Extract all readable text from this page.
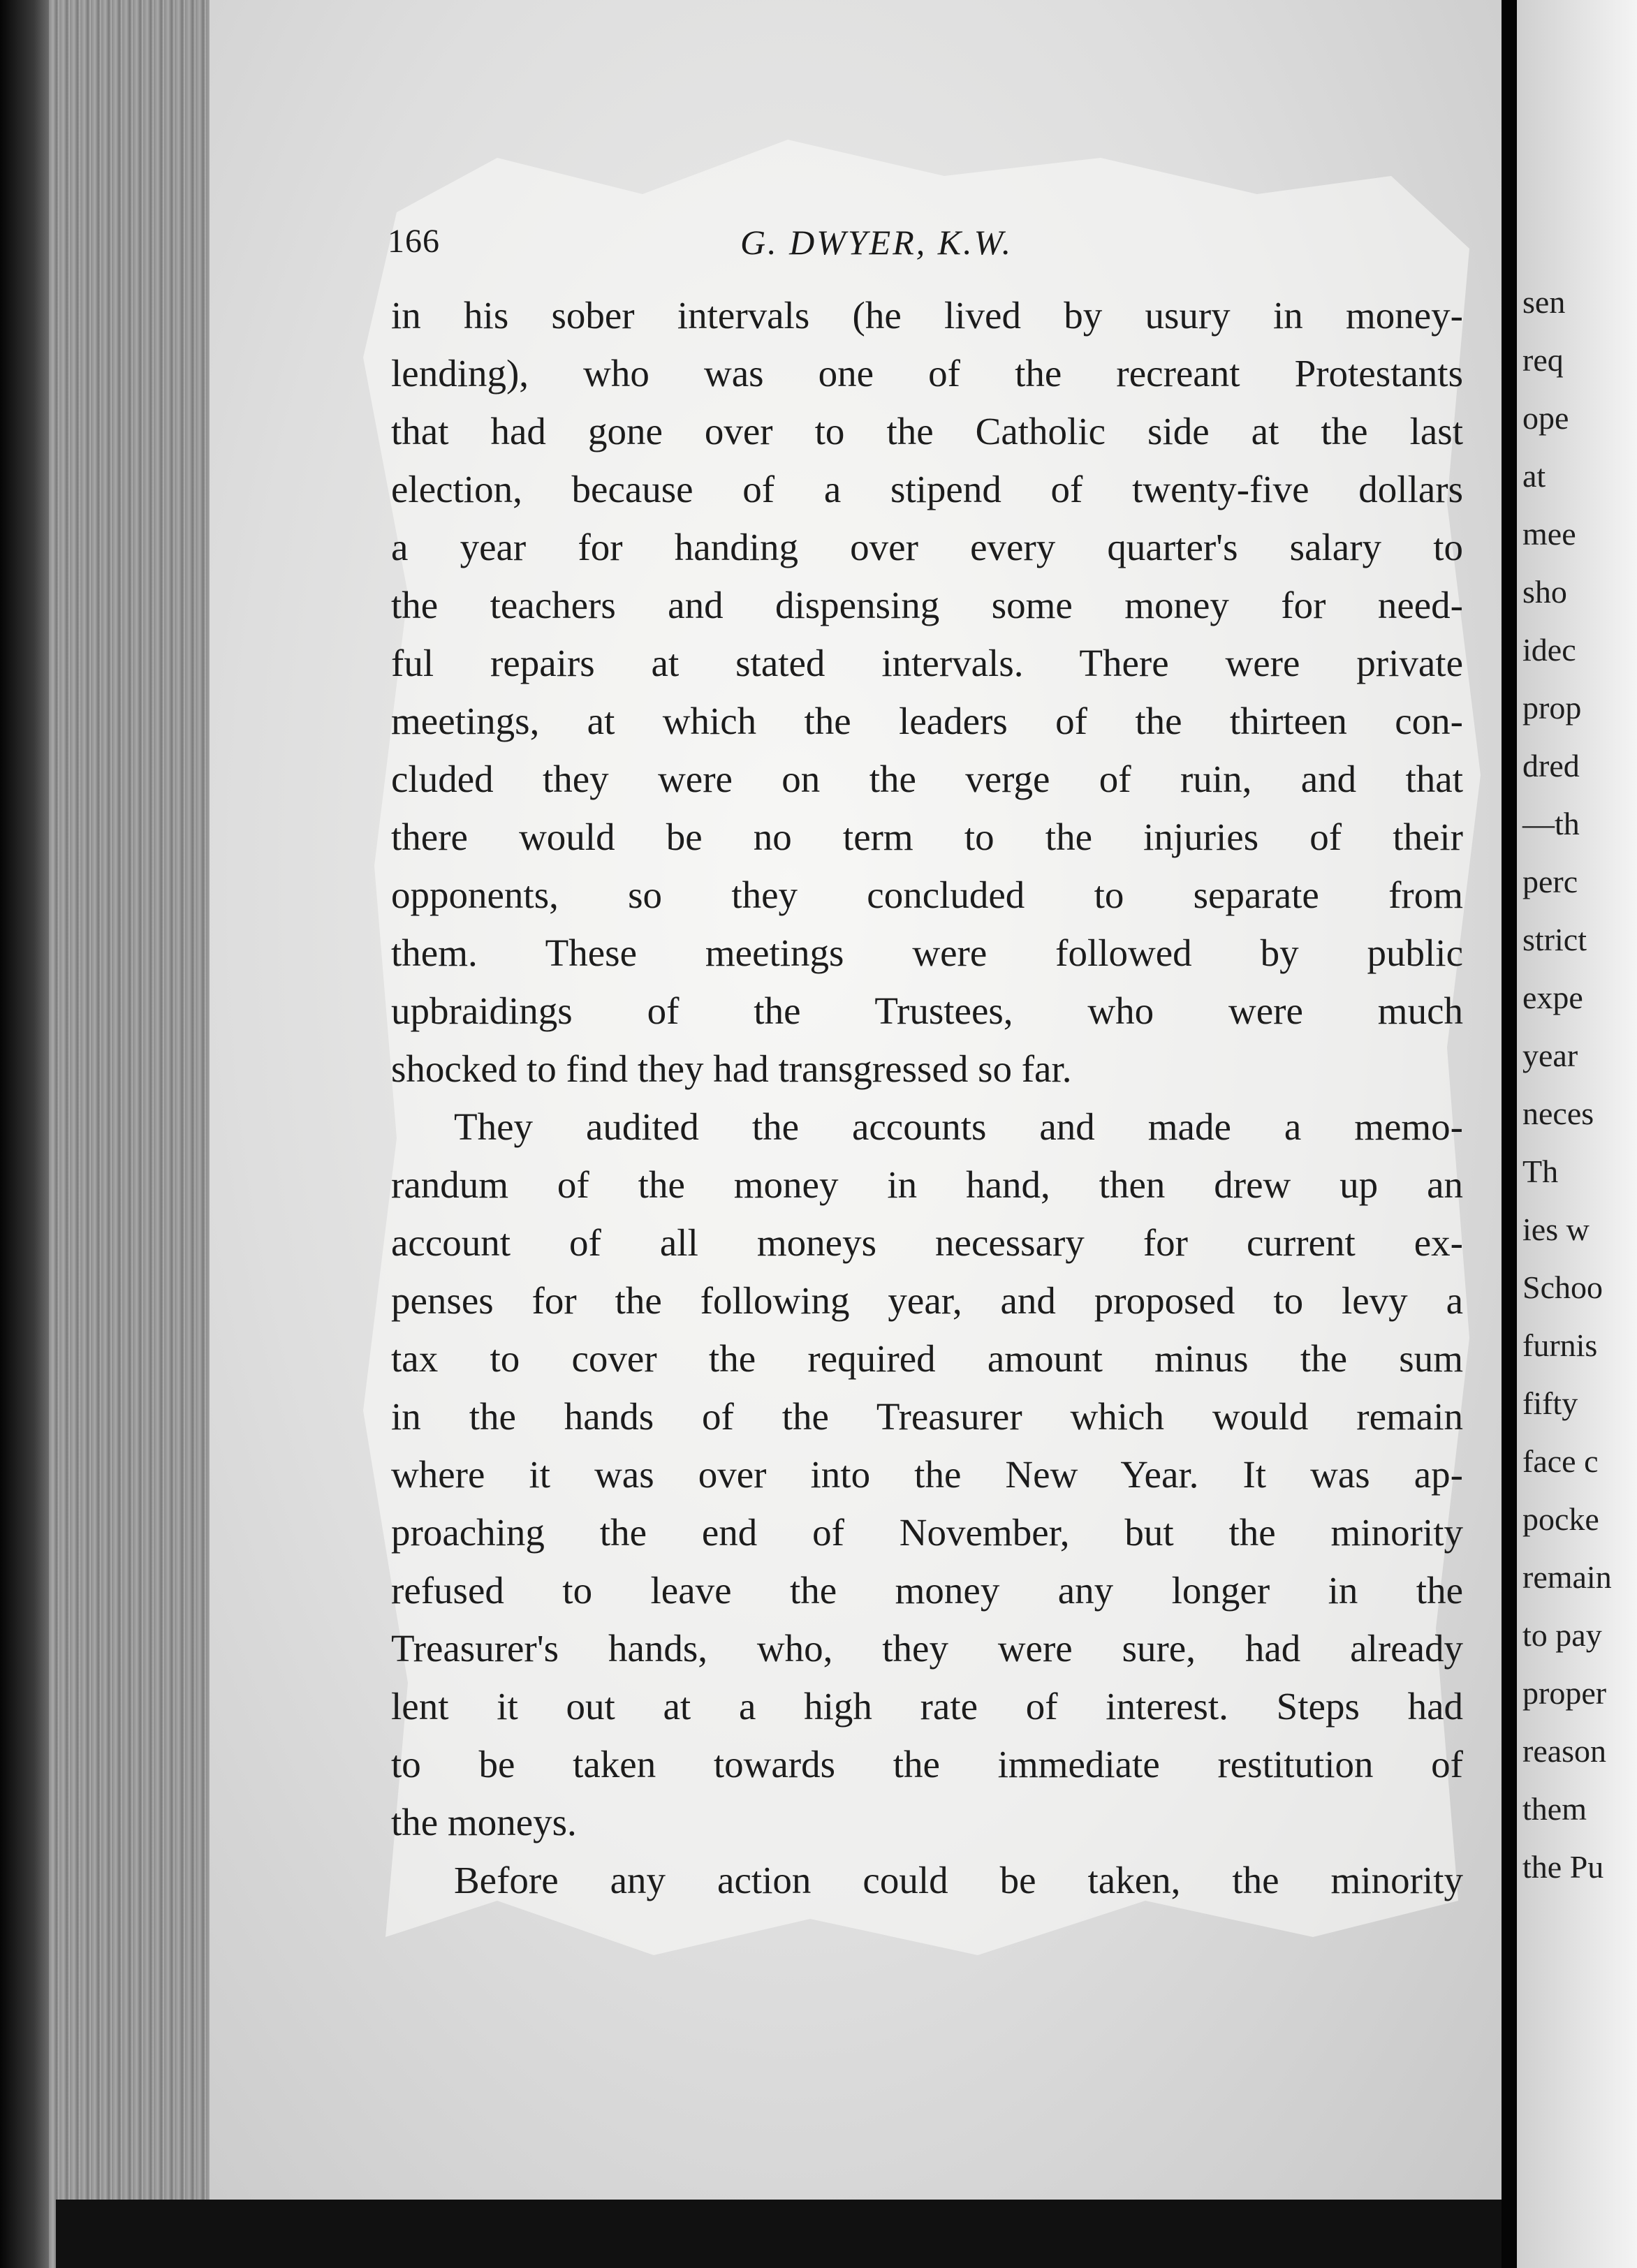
166	G. DWYER, K.W.
in his sober intervals (he lived by usury in money-
lending), who was one of the recreant Protestants
that had gone over to the Catholic side at the last
election, because of a stipend of twenty-five dollars
a year for handing over every quarter's salary to
the teachers and dispensing some money for need-
ful repairs at stated intervals. There were private
meetings, at which the leaders of the thirteen con-
cluded they were on the verge of ruin, and that
there would be no term to the injuries of their
opponents, so they concluded to separate from
them. These meetings were followed by public
upbraidings of the Trustees, who were much
shocked to find they had transgressed so far.
They audited the accounts and made a memo-
randum of the money in hand, then drew up an
account of all moneys necessary for current ex-
penses for the following year, and proposed to levy a
tax to cover the required amount minus the sum
in the hands of the Treasurer which would remain
where it was over into the New Year. It was ap-
proaching the end of November, but the minority
refused to leave the money any longer in the
Treasurer's hands, who, they were sure, had already
lent it out at a high rate of interest. Steps had
to be taken towards the immediate restitution of
the moneys.
Before any action could be taken, the minority
sen
req
ope
at
mee
sho
idec
prop
dred
—th
perc
strict
expe
year
neces
Th
ies w
Schoo
furnis
fifty
face c
pocke
remain
to pay
proper
reason
them
the Pu
